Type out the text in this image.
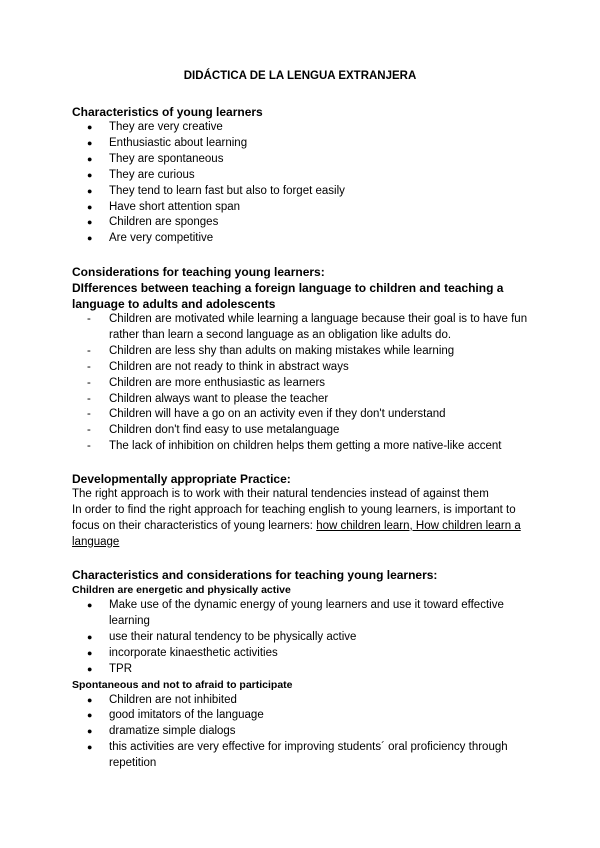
DIDÁCTICA DE LA LENGUA EXTRANJERA

Characteristics of young learners

●	They are very creative
●	Enthusiastic about learning
●	They are spontaneous
●	They are curious
●	They tend to learn fast but also to forget easily
●	Have short attention span
●	Children are sponges
●	Are very competitive

Considerations for teaching young learners:

DIfferences between teaching a foreign language to children and teaching a language to adults and adolescents

-	Children are motivated while learning a language because their goal is to have fun rather than learn a second language as an obligation like adults do.
-	Children are less shy than adults on making mistakes while learning
-	Children are not ready to think in abstract ways
-	Children are more enthusiastic as learners
-	Children always want to please the teacher
-	Children will have a go on an activity even if they don't understand
-	Children don't find easy to use metalanguage
-	The lack of inhibition on children helps them getting a more native-like accent

Developmentally appropriate Practice:

The right approach is to work with their natural tendencies instead of against them

In order to find the right approach for teaching english to young learners, is important to focus on their characteristics of young learners: how children learn, How children learn a language

Characteristics and considerations for teaching young learners:

Children are energetic and physically active

●	Make use of the dynamic energy of young learners and use it toward effective learning
●	use their natural tendency to be physically active
●	incorporate kinaesthetic activities
●	TPR

Spontaneous and not to afraid to participate

●	Children are not inhibited
●	good imitators of the language
●	dramatize simple dialogs
●	this activities are very effective for improving students´ oral proficiency through repetition
